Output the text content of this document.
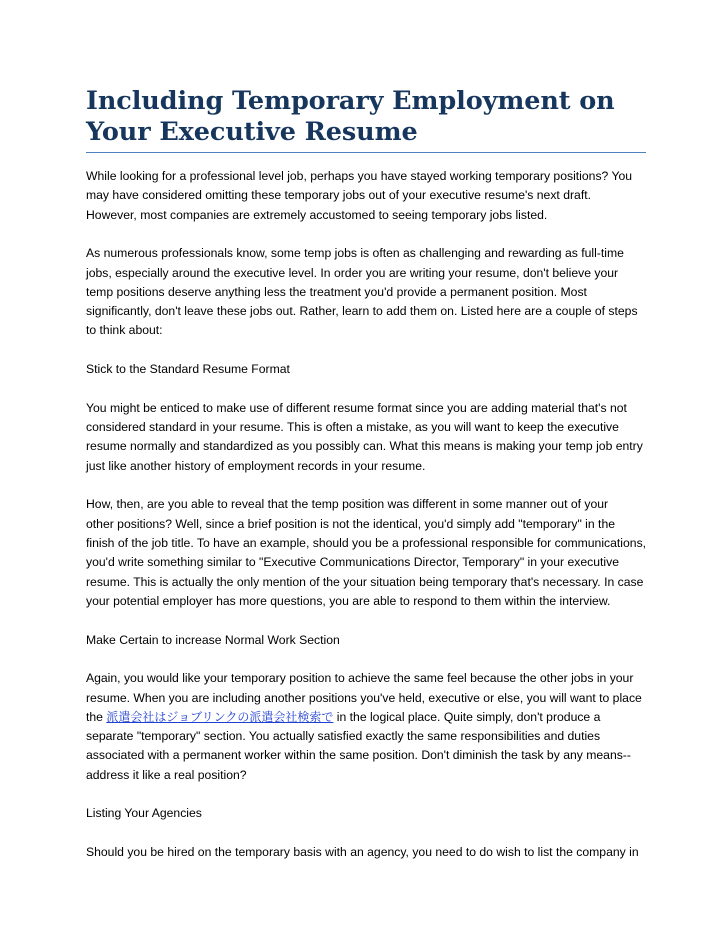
Including Temporary Employment on
Your Executive Resume

While looking for a professional level job, perhaps you have stayed working temporary positions? You
may have considered omitting these temporary jobs out of your executive resume's next draft.
However, most companies are extremely accustomed to seeing temporary jobs listed.

As numerous professionals know, some temp jobs is often as challenging and rewarding as full-time
jobs, especially around the executive level. In order you are writing your resume, don't believe your
temp positions deserve anything less the treatment you'd provide a permanent position. Most
significantly, don't leave these jobs out. Rather, learn to add them on. Listed here are a couple of steps
to think about:

Stick to the Standard Resume Format

You might be enticed to make use of different resume format since you are adding material that's not
considered standard in your resume. This is often a mistake, as you will want to keep the executive
resume normally and standardized as you possibly can. What this means is making your temp job entry
just like another history of employment records in your resume.

How, then, are you able to reveal that the temp position was different in some manner out of your
other positions? Well, since a brief position is not the identical, you'd simply add "temporary" in the
finish of the job title. To have an example, should you be a professional responsible for communications,
you'd write something similar to "Executive Communications Director, Temporary" in your executive
resume. This is actually the only mention of the your situation being temporary that's necessary. In case
your potential employer has more questions, you are able to respond to them within the interview.

Make Certain to increase Normal Work Section

Again, you would like your temporary position to achieve the same feel because the other jobs in your
resume. When you are including another positions you've held, executive or else, you will want to place
the 派遣会社はジョブリンクの派遣会社検索で in the logical place. Quite simply, don't produce a
separate "temporary" section. You actually satisfied exactly the same responsibilities and duties
associated with a permanent worker within the same position. Don't diminish the task by any means--
address it like a real position?

Listing Your Agencies

Should you be hired on the temporary basis with an agency, you need to do wish to list the company in
